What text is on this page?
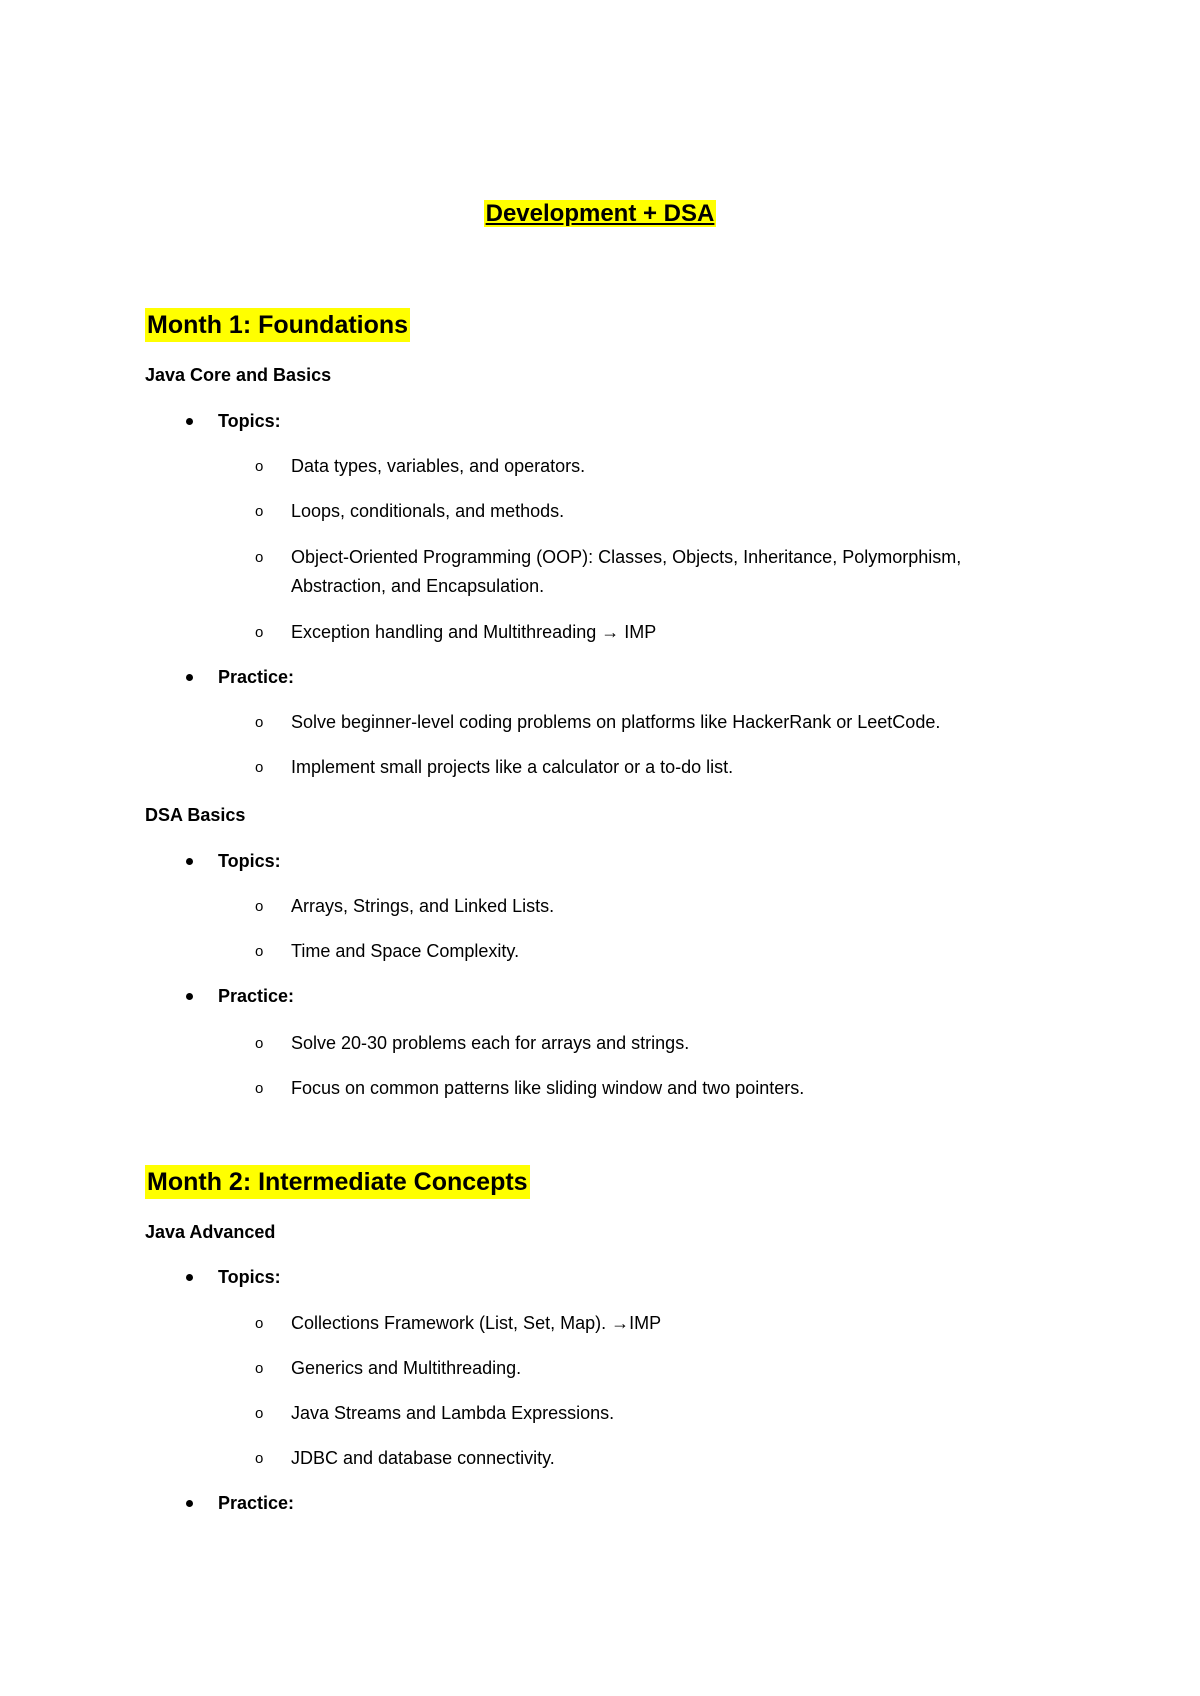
Development + DSA
Month 1: Foundations
Java Core and Basics
Topics:
o Data types, variables, and operators.
o Loops, conditionals, and methods.
o Object-Oriented Programming (OOP): Classes, Objects, Inheritance, Polymorphism,
Abstraction, and Encapsulation.
o Exception handling and Multithreading → IMP
Practice:
o Solve beginner-level coding problems on platforms like HackerRank or LeetCode.
o Implement small projects like a calculator or a to-do list.
DSA Basics
Topics:
o Arrays, Strings, and Linked Lists.
o Time and Space Complexity.
Practice:
o Solve 20-30 problems each for arrays and strings.
o Focus on common patterns like sliding window and two pointers.
Month 2: Intermediate Concepts
Java Advanced
Topics:
o Collections Framework (List, Set, Map). →IMP
o Generics and Multithreading.
o Java Streams and Lambda Expressions.
o JDBC and database connectivity.
Practice:
